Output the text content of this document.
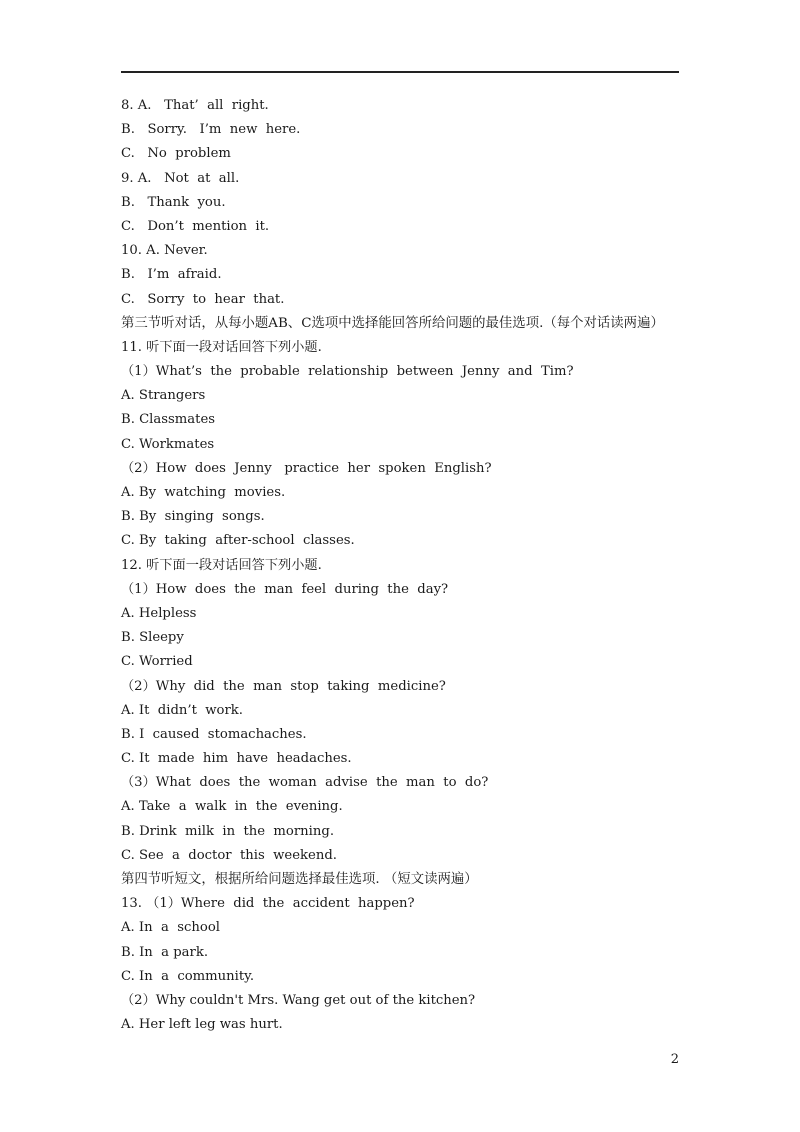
8. A.   That’  all  right.
B.   Sorry.   I’m  new  here.
C.   No  problem
9. A.   Not  at  all.
B.   Thank  you.
C.   Don’t  mention  it.
10. A. Never.
B.   I’m  afraid.
C.   Sorry  to  hear  that.
第三节听对话，从每小题AB、C选项中选择能回答所给问题的最佳选项.（每个对话读两遍）
11. 听下面一段对话回答下列小题.
（1）What’s  the  probable  relationship  between  Jenny  and  Tim?
A. Strangers
B. Classmates
C. Workmates
（2）How  does  Jenny   practice  her  spoken  English?
A. By  watching  movies.
B. By  singing  songs.
C. By  taking  after-school  classes.
12. 听下面一段对话回答下列小题.
（1）How  does  the  man  feel  during  the  day?
A. Helpless
B. Sleepy
C. Worried
（2）Why  did  the  man  stop  taking  medicine?
A. It  didn’t  work.
B. I  caused  stomachaches.
C. It  made  him  have  headaches.
（3）What  does  the  woman  advise  the  man  to  do?
A. Take  a  walk  in  the  evening.
B. Drink  milk  in  the  morning.
C. See  a  doctor  this  weekend.
第四节听短文，根据所给问题选择最佳选项. （短文读两遍）
13. （1）Where  did  the  accident  happen?
A. In  a  school
B. In  a park.
C. In  a  community.
（2）Why couldn't Mrs. Wang get out of the kitchen?
A. Her left leg was hurt.
2
